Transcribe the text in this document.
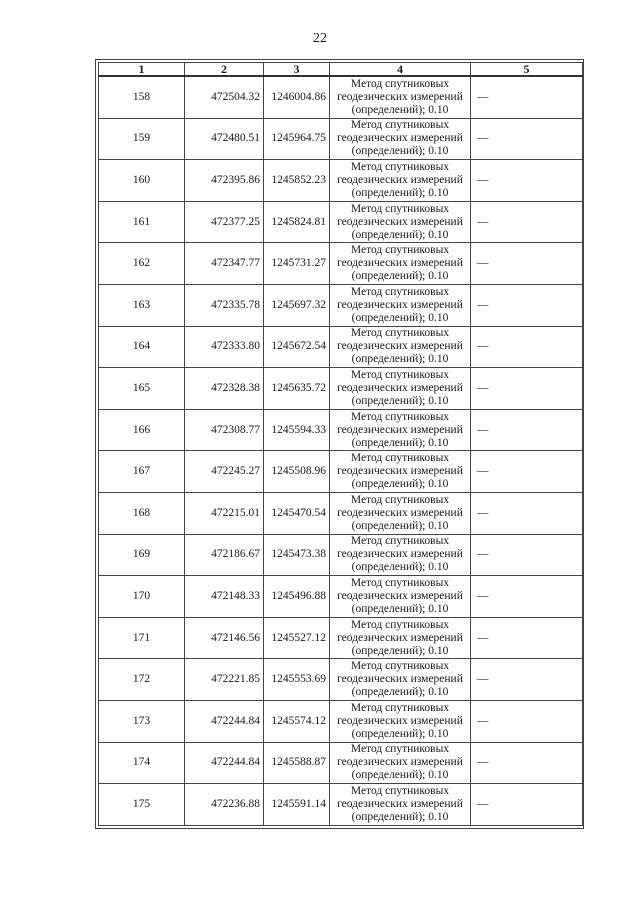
22
1	2	3	4	5
158	472504.32	1246004.86	Метод спутниковых
геодезических измерений
(определений); 0.10	—
159	472480.51	1245964.75	Метод спутниковых
геодезических измерений
(определений); 0.10	—
160	472395.86	1245852.23	Метод спутниковых
геодезических измерений
(определений); 0.10	—
161	472377.25	1245824.81	Метод спутниковых
геодезических измерений
(определений); 0.10	—
162	472347.77	1245731.27	Метод спутниковых
геодезических измерений
(определений); 0.10	—
163	472335.78	1245697.32	Метод спутниковых
геодезических измерений
(определений); 0.10	—
164	472333.80	1245672.54	Метод спутниковых
геодезических измерений
(определений); 0.10	—
165	472328.38	1245635.72	Метод спутниковых
геодезических измерений
(определений); 0.10	—
166	472308.77	1245594.33	Метод спутниковых
геодезических измерений
(определений); 0.10	—
167	472245.27	1245508.96	Метод спутниковых
геодезических измерений
(определений); 0.10	—
168	472215.01	1245470.54	Метод спутниковых
геодезических измерений
(определений); 0.10	—
169	472186.67	1245473.38	Метод спутниковых
геодезических измерений
(определений); 0.10	—
170	472148.33	1245496.88	Метод спутниковых
геодезических измерений
(определений); 0.10	—
171	472146.56	1245527.12	Метод спутниковых
геодезических измерений
(определений); 0.10	—
172	472221.85	1245553.69	Метод спутниковых
геодезических измерений
(определений); 0.10	—
173	472244.84	1245574.12	Метод спутниковых
геодезических измерений
(определений); 0.10	—
174	472244.84	1245588.87	Метод спутниковых
геодезических измерений
(определений); 0.10	—
175	472236.88	1245591.14	Метод спутниковых
геодезических измерений
(определений); 0.10	—
